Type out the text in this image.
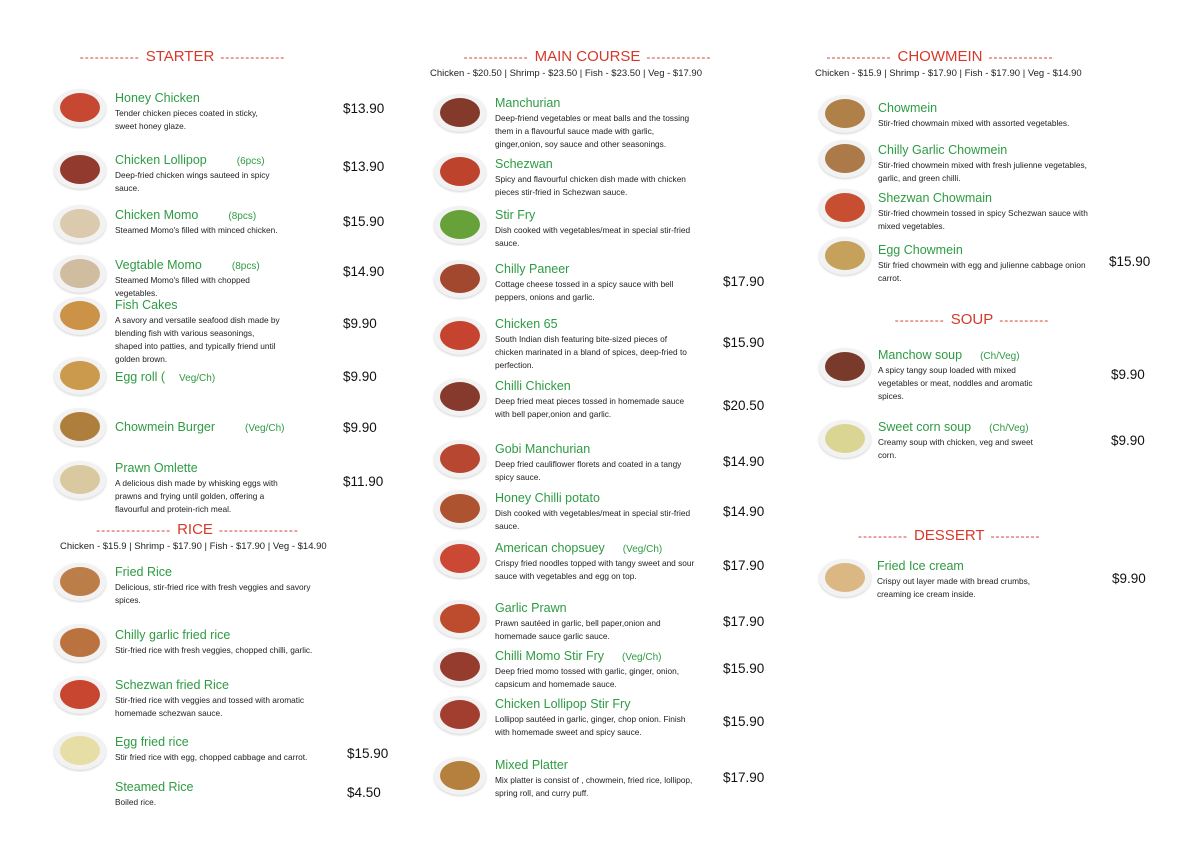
------------ STARTER -------------
--------------- RICE ----------------
Chicken - $15.9 | Shrimp - $17.90 | Fish - $17.90 | Veg - $14.90
------------- MAIN COURSE -------------
Chicken - $20.50 | Shrimp - $23.50 | Fish - $23.50 | Veg - $17.90
------------- CHOWMEIN -------------
Chicken - $15.9 | Shrimp - $17.90 | Fish - $17.90 | Veg - $14.90
---------- SOUP ----------
---------- DESSERT ----------
Honey Chicken
Tender chicken pieces coated in sticky, sweet honey glaze.
$13.90
Chicken Lollipop	(6pcs)
Deep-fried chicken wings sauteed in spicy sauce.
$13.90
Chicken Momo	(8pcs)
Steamed Momo's filled with minced chicken.
$15.90
Vegtable Momo	(8pcs)
Steamed Momo's filled with chopped vegetables.
$14.90
Fish Cakes
A savory and versatile seafood dish made by blending fish with various seasonings, shaped into patties, and typically friend until golden brown.
$9.90
Egg roll ( Veg/Ch)	$9.90
Chowmein Burger	(Veg/Ch)	$9.90
Prawn Omlette
A delicious dish made by whisking eggs with prawns and frying until golden, offering a flavourful and protein-rich meal.
$11.90
Fried Rice
Delicious, stir-fried rice with fresh veggies and savory spices.
Chilly garlic fried rice
Stir-fried rice with fresh veggies, chopped chilli, garlic.
Schezwan fried Rice
Stir-fried rice with veggies and tossed with aromatic homemade schezwan sauce.
Egg fried rice
Stir fried rice with egg, chopped cabbage and carrot.	$15.90
Steamed Rice
Boiled rice.
$4.50
Manchurian
Deep-friend vegetables or meat balls and the tossing them in a flavourful sauce made with garlic, ginger,onion, soy sauce and other seasonings.
Schezwan
Spicy and flavourful chicken dish made with chicken pieces stir-fried in Schezwan sauce.
Stir Fry
Dish cooked with vegetables/meat in special stir-fried sauce.
Chilly Paneer
Cottage cheese tossed in a spicy sauce with bell peppers, onions and garlic.
$17.90
Chicken 65
South Indian dish featuring bite-sized pieces of chicken marinated in a bland of spices, deep-fried to perfection.
$15.90
Chilli Chicken
Deep fried meat pieces tossed in homemade sauce with bell paper,onion and garlic.
$20.50
Gobi Manchurian
Deep fried cauliflower florets and coated in a tangy spicy sauce.
$14.90
Honey Chilli potato
Dish cooked with vegetables/meat in special stir-fried sauce.
$14.90
American chopsuey (Veg/Ch)
Crispy fried noodles topped with tangy sweet and sour sauce with vegetables and egg on top.
$17.90
Garlic Prawn
Prawn sautéed in garlic, bell paper,onion and homemade sauce garlic sauce.
$17.90
Chilli Momo Stir Fry (Veg/Ch)
Deep fried momo tossed with garlic, ginger, onion, capsicum and homemade sauce.
$15.90
Chicken Lollipop Stir Fry
Lollipop sautéed in garlic, ginger, chop onion. Finish with homemade sweet and spicy sauce.
$15.90
Mixed Platter
Mix platter is consist of , chowmein, fried rice, lollipop, spring roll, and curry puff.
$17.90
Chowmein
Stir-fried chowmain mixed with assorted vegetables.
Chilly Garlic Chowmein
Stir-fried chowmein mixed with fresh julienne vegetables, garlic, and green chilli.
Shezwan Chowmain
Stir-fried chowmein tossed in spicy Schezwan sauce with mixed vegetables.
Egg Chowmein
Stir fried chowmein with egg and julienne cabbage onion carrot.
$15.90
Manchow soup (Ch/Veg)
A spicy tangy soup loaded with mixed vegetables or meat, noddles and aromatic spices.
$9.90
Sweet corn soup (Ch/Veg)
Creamy soup with chicken, veg and sweet corn.
$9.90
Fried Ice cream
Crispy out layer made with bread crumbs, creaming ice cream inside.
$9.90
